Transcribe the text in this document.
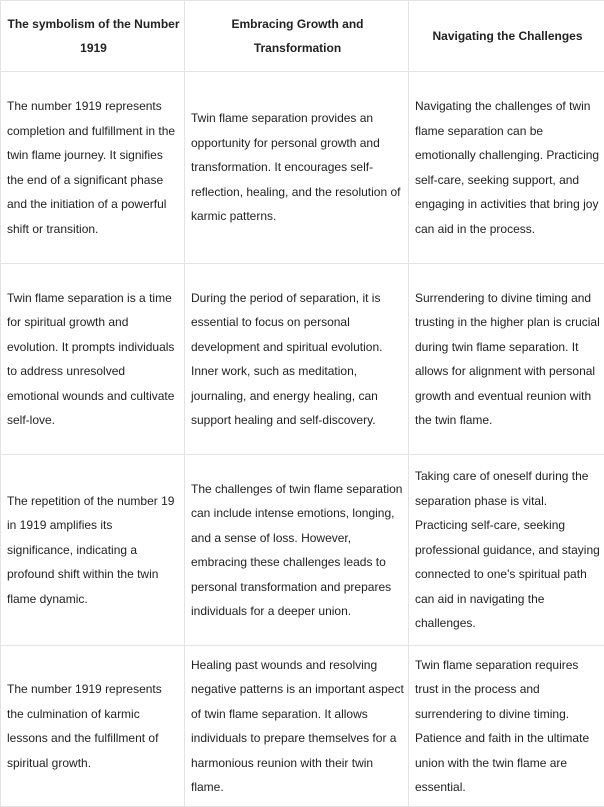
The symbolism of the Number 1919	Embracing Growth and Transformation	Navigating the Challenges
The number 1919 represents completion and fulfillment in the twin flame journey. It signifies the end of a significant phase and the initiation of a powerful shift or transition.	Twin flame separation provides an opportunity for personal growth and transformation. It encourages self-reflection, healing, and the resolution of karmic patterns.	Navigating the challenges of twin flame separation can be emotionally challenging. Practicing self-care, seeking support, and engaging in activities that bring joy can aid in the process.
Twin flame separation is a time for spiritual growth and evolution. It prompts individuals to address unresolved emotional wounds and cultivate self-love.	During the period of separation, it is essential to focus on personal development and spiritual evolution. Inner work, such as meditation, journaling, and energy healing, can support healing and self-discovery.	Surrendering to divine timing and trusting in the higher plan is crucial during twin flame separation. It allows for alignment with personal growth and eventual reunion with the twin flame.
The repetition of the number 19 in 1919 amplifies its significance, indicating a profound shift within the twin flame dynamic.	The challenges of twin flame separation can include intense emotions, longing, and a sense of loss. However, embracing these challenges leads to personal transformation and prepares individuals for a deeper union.	Taking care of oneself during the separation phase is vital. Practicing self-care, seeking professional guidance, and staying connected to one's spiritual path can aid in navigating the challenges.
The number 1919 represents the culmination of karmic lessons and the fulfillment of spiritual growth.	Healing past wounds and resolving negative patterns is an important aspect of twin flame separation. It allows individuals to prepare themselves for a harmonious reunion with their twin flame.	Twin flame separation requires trust in the process and surrendering to divine timing. Patience and faith in the ultimate union with the twin flame are essential.
